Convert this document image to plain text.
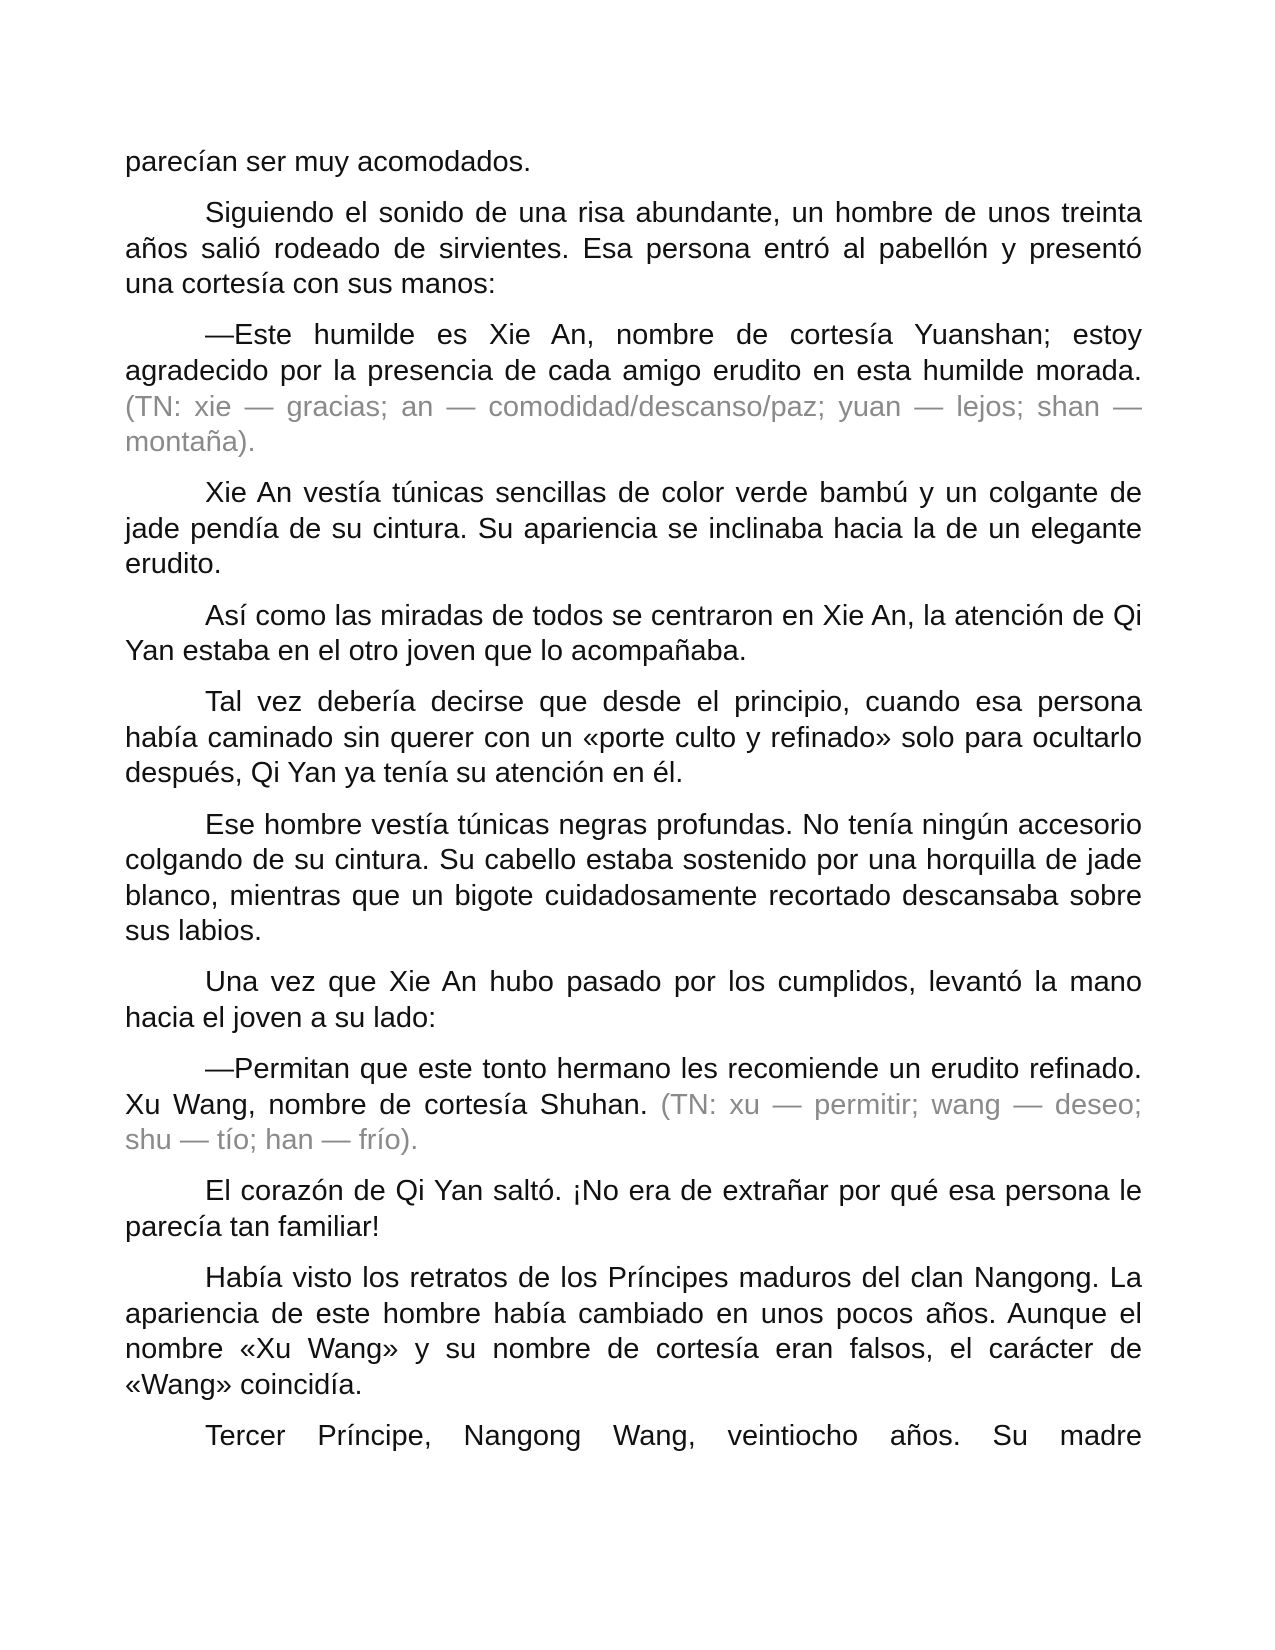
parecían ser muy acomodados.

Siguiendo el sonido de una risa abundante, un hombre de unos treinta años salió rodeado de sirvientes. Esa persona entró al pabellón y presentó una cortesía con sus manos:

—Este humilde es Xie An, nombre de cortesía Yuanshan; estoy agradecido por la presencia de cada amigo erudito en esta humilde morada. (TN: xie — gracias; an — comodidad/descanso/paz; yuan — lejos; shan — montaña).

Xie An vestía túnicas sencillas de color verde bambú y un colgante de jade pendía de su cintura. Su apariencia se inclinaba hacia la de un elegante erudito.

Así como las miradas de todos se centraron en Xie An, la atención de Qi Yan estaba en el otro joven que lo acompañaba.

Tal vez debería decirse que desde el principio, cuando esa persona había caminado sin querer con un «porte culto y refinado» solo para ocultarlo después, Qi Yan ya tenía su atención en él.

Ese hombre vestía túnicas negras profundas. No tenía ningún accesorio colgando de su cintura. Su cabello estaba sostenido por una horquilla de jade blanco, mientras que un bigote cuidadosamente recortado descansaba sobre sus labios.

Una vez que Xie An hubo pasado por los cumplidos, levantó la mano hacia el joven a su lado:

—Permitan que este tonto hermano les recomiende un erudito refinado. Xu Wang, nombre de cortesía Shuhan. (TN: xu — permitir; wang — deseo; shu — tío; han — frío).

El corazón de Qi Yan saltó. ¡No era de extrañar por qué esa persona le parecía tan familiar!

Había visto los retratos de los Príncipes maduros del clan Nangong. La apariencia de este hombre había cambiado en unos pocos años. Aunque el nombre «Xu Wang» y su nombre de cortesía eran falsos, el carácter de «Wang» coincidía.

Tercer Príncipe, Nangong Wang, veintiocho años. Su madre
